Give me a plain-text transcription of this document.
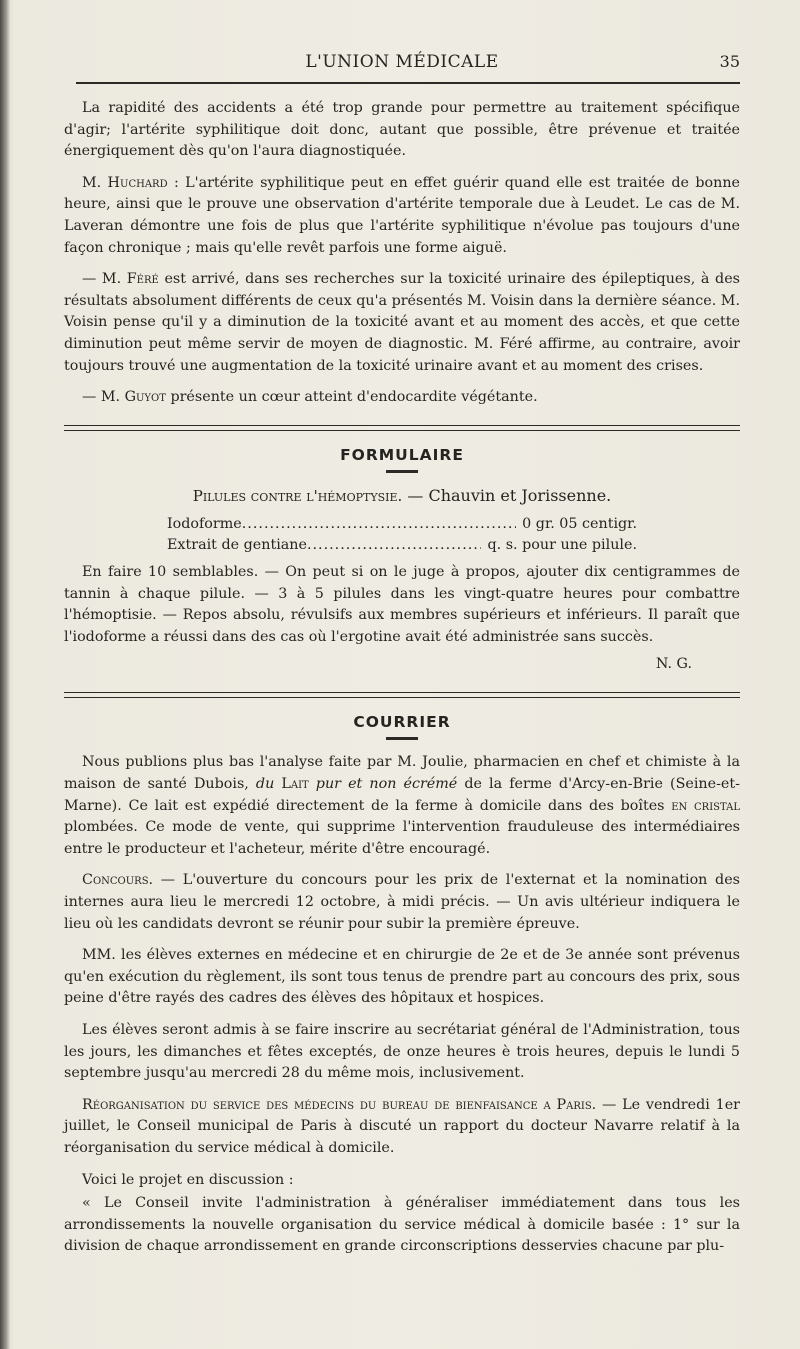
L'UNION MÉDICALE	35

La rapidité des accidents a été trop grande pour permettre au traitement spécifique d'agir; l'artérite syphilitique doit donc, autant que possible, être prévenue et traitée énergiquement dès qu'on l'aura diagnostiquée.

M. Huchard : L'artérite syphilitique peut en effet guérir quand elle est traitée de bonne heure, ainsi que le prouve une observation d'artérite temporale due à Leudet. Le cas de M. Laveran démontre une fois de plus que l'artérite syphilitique n'évolue pas toujours d'une façon chronique ; mais qu'elle revêt parfois une forme aiguë.

— M. Féré est arrivé, dans ses recherches sur la toxicité urinaire des épileptiques, à des résultats absolument différents de ceux qu'a présentés M. Voisin dans la dernière séance. M. Voisin pense qu'il y a diminution de la toxicité avant et au moment des accès, et que cette diminution peut même servir de moyen de diagnostic. M. Féré affirme, au contraire, avoir toujours trouvé une augmentation de la toxicité urinaire avant et au moment des crises.

— M. Guyot présente un cœur atteint d'endocardite végétante.

FORMULAIRE
Pilules contre l'hémoptysie. — Chauvin et Jorissenne.
Iodoforme .....	0 gr. 05 centigr.
Extrait de gentiane .....	q. s. pour une pilule.

En faire 10 semblables. — On peut si on le juge à propos, ajouter dix centigrammes de tannin à chaque pilule. — 3 à 5 pilules dans les vingt-quatre heures pour combattre l'hémoptisie. — Repos absolu, révulsifs aux membres supérieurs et inférieurs. Il paraît que l'iodoforme a réussi dans des cas où l'ergotine avait été administrée sans succès.

N. G.
COURRIER

Nous publions plus bas l'analyse faite par M. Joulie, pharmacien en chef et chimiste à la maison de santé Dubois, du Lait pur et non écrémé de la ferme d'Arcy-en-Brie (Seine-et-Marne). Ce lait est expédié directement de la ferme à domicile dans des boîtes en cristal plombées. Ce mode de vente, qui supprime l'intervention frauduleuse des intermédiaires entre le producteur et l'acheteur, mérite d'être encouragé.

Concours. — L'ouverture du concours pour les prix de l'externat et la nomination des internes aura lieu le mercredi 12 octobre, à midi précis. — Un avis ultérieur indiquera le lieu où les candidats devront se réunir pour subir la première épreuve.

MM. les élèves externes en médecine et en chirurgie de 2e et de 3e année sont prévenus qu'en exécution du règlement, ils sont tous tenus de prendre part au concours des prix, sous peine d'être rayés des cadres des élèves des hôpitaux et hospices.

Les élèves seront admis à se faire inscrire au secrétariat général de l'Administration, tous les jours, les dimanches et fêtes exceptés, de onze heures è trois heures, depuis le lundi 5 septembre jusqu'au mercredi 28 du même mois, inclusivement.

Réorganisation du service des médecins du bureau de bienfaisance a Paris. — Le vendredi 1er juillet, le Conseil municipal de Paris à discuté un rapport du docteur Navarre relatif à la réorganisation du service médical à domicile.

Voici le projet en discussion :

« Le Conseil invite l'administration à généraliser immédiatement dans tous les arrondissements la nouvelle organisation du service médical à domicile basée : 1° sur la division de chaque arrondissement en grande circonscriptions desservies chacune par plu-
